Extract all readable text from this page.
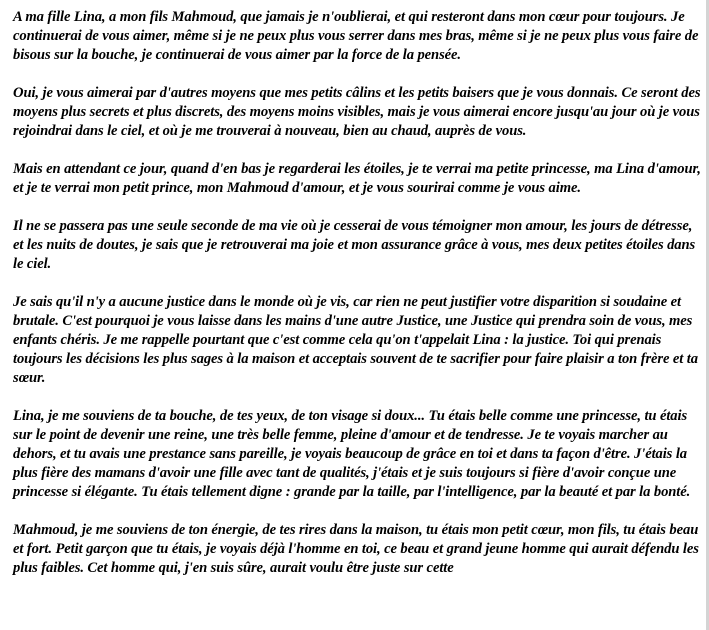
A ma fille Lina, a mon fils Mahmoud, que jamais je n'oublierai, et qui resteront dans mon cœur pour toujours. Je continuerai de vous aimer, même si je ne peux plus vous serrer dans mes bras, même si je ne peux plus vous faire de bisous sur la bouche, je continuerai de vous aimer par la force de la pensée.

Oui, je vous aimerai par d'autres moyens que mes petits câlins et les petits baisers que je vous donnais. Ce seront des moyens plus secrets et plus discrets, des moyens moins visibles, mais je vous aimerai encore jusqu'au jour où je vous rejoindrai dans le ciel, et où je me trouverai à nouveau, bien au chaud, auprès de vous.

Mais en attendant ce jour, quand d'en bas je regarderai les étoiles, je te verrai ma petite princesse, ma Lina d'amour, et je te verrai mon petit prince, mon Mahmoud d'amour, et je vous sourirai comme je vous aime.

Il ne se passera pas une seule seconde de ma vie où je cesserai de vous témoigner mon amour, les jours de détresse, et les nuits de doutes, je sais que je retrouverai ma joie et mon assurance grâce à vous, mes deux petites étoiles dans le ciel.

Je sais qu'il n'y a aucune justice dans le monde où je vis, car rien ne peut justifier votre disparition si soudaine et brutale. C'est pourquoi je vous laisse dans les mains d'une autre Justice, une Justice qui prendra soin de vous, mes enfants chéris. Je me rappelle pourtant que c'est comme cela qu'on t'appelait Lina : la justice. Toi qui prenais toujours les décisions les plus sages à la maison et acceptais souvent de te sacrifier pour faire plaisir a ton frère et ta sœur.

Lina, je me souviens de ta bouche, de tes yeux, de ton visage si doux... Tu étais belle comme une princesse, tu étais sur le point de devenir une reine, une très belle femme, pleine d'amour et de tendresse. Je te voyais marcher au dehors, et tu avais une prestance sans pareille, je voyais beaucoup de grâce en toi et dans ta façon d'être. J'étais la plus fière des mamans d'avoir une fille avec tant de qualités, j'étais et je suis toujours si fière d'avoir conçue une princesse si élégante. Tu étais tellement digne : grande par la taille, par l'intelligence, par la beauté et par la bonté.

Mahmoud, je me souviens de ton énergie, de tes rires dans la maison, tu étais mon petit cœur, mon fils, tu étais beau et fort. Petit garçon que tu étais, je voyais déjà l'homme en toi, ce beau et grand jeune homme qui aurait défendu les plus faibles. Cet homme qui, j'en suis sûre, aurait voulu être juste sur cette
